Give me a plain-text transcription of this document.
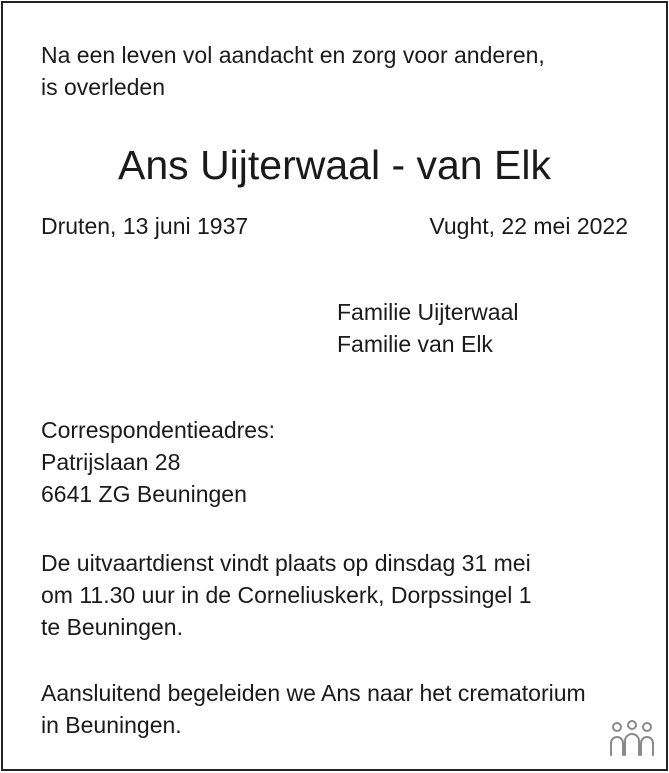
Na een leven vol aandacht en zorg voor anderen,
is overleden
Ans Uijterwaal - van Elk
Druten, 13 juni 1937	Vught, 22 mei 2022
Familie Uijterwaal
Familie van Elk
Correspondentieadres:
Patrijslaan 28
6641 ZG Beuningen
De uitvaartdienst vindt plaats op dinsdag 31 mei
om 11.30 uur in de Corneliuskerk, Dorpssingel 1
te Beuningen.
Aansluitend begeleiden we Ans naar het crematorium
in Beuningen.
